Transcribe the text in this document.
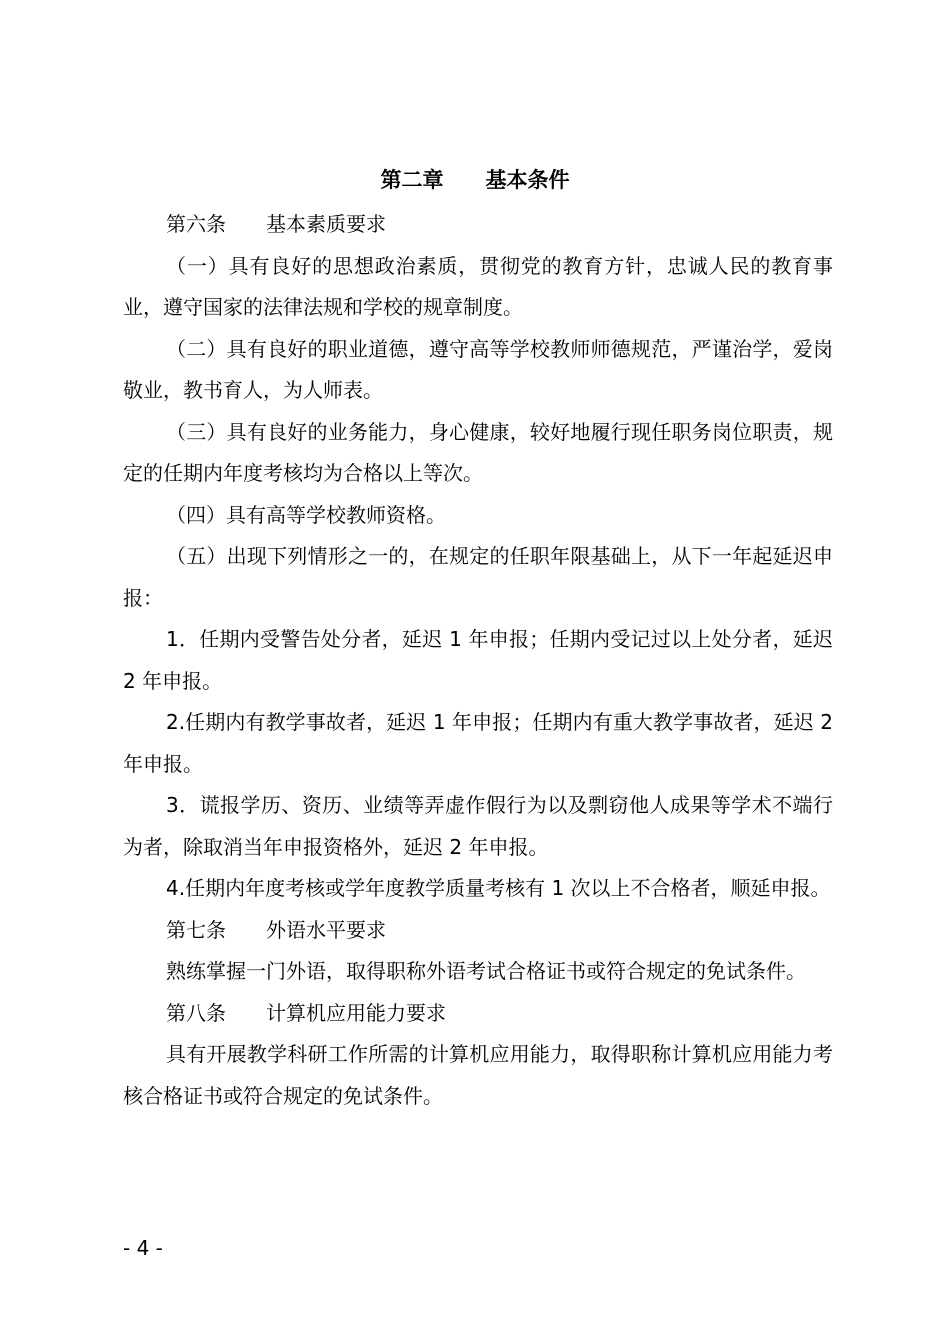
第二章　　基本条件

第六条　　基本素质要求

（一）具有良好的思想政治素质，贯彻党的教育方针，忠诚人民的教育事业，遵守国家的法律法规和学校的规章制度。

（二）具有良好的职业道德，遵守高等学校教师师德规范，严谨治学，爱岗敬业，教书育人，为人师表。

（三）具有良好的业务能力，身心健康，较好地履行现任职务岗位职责，规定的任期内年度考核均为合格以上等次。

（四）具有高等学校教师资格。

（五）出现下列情形之一的，在规定的任职年限基础上，从下一年起延迟申报：

1．任期内受警告处分者，延迟 1 年申报；任期内受记过以上处分者，延迟 2 年申报。

2.任期内有教学事故者，延迟 1 年申报；任期内有重大教学事故者，延迟 2 年申报。

3．谎报学历、资历、业绩等弄虚作假行为以及剽窃他人成果等学术不端行为者，除取消当年申报资格外，延迟 2 年申报。

4.任期内年度考核或学年度教学质量考核有 1 次以上不合格者，顺延申报。

第七条　　外语水平要求

熟练掌握一门外语，取得职称外语考试合格证书或符合规定的免试条件。

第八条　　计算机应用能力要求

具有开展教学科研工作所需的计算机应用能力，取得职称计算机应用能力考核合格证书或符合规定的免试条件。

- 4 -
